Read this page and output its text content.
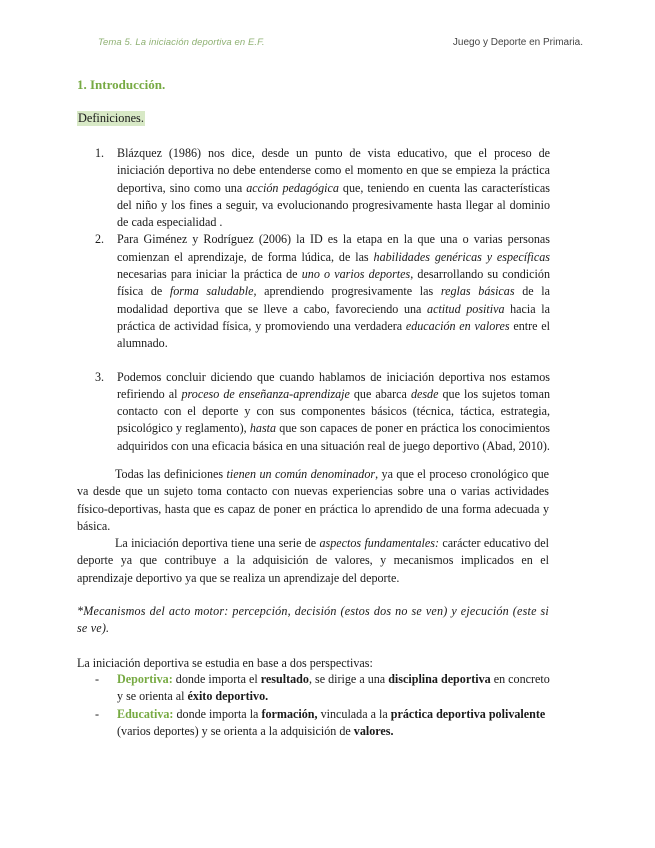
Tema 5. La iniciación deportiva en E.F.	Juego y Deporte en Primaria.
1. Introducción.
Definiciones.
1. Blázquez (1986) nos dice, desde un punto de vista educativo, que el proceso de iniciación deportiva no debe entenderse como el momento en que se empieza la práctica deportiva, sino como una acción pedagógica que, teniendo en cuenta las características del niño y los fines a seguir, va evolucionando progresivamente hasta llegar al dominio de cada especialidad .
2. Para Giménez y Rodríguez (2006) la ID es la etapa en la que una o varias personas comienzan el aprendizaje, de forma lúdica, de las habilidades genéricas y específicas necesarias para iniciar la práctica de uno o varios deportes, desarrollando su condición física de forma saludable, aprendiendo progresivamente las reglas básicas de la modalidad deportiva que se lleve a cabo, favoreciendo una actitud positiva hacia la práctica de actividad física, y promoviendo una verdadera educación en valores entre el alumnado.
3. Podemos concluir diciendo que cuando hablamos de iniciación deportiva nos estamos refiriendo al proceso de enseñanza-aprendizaje que abarca desde que los sujetos toman contacto con el deporte y con sus componentes básicos (técnica, táctica, estrategia, psicológico y reglamento), hasta que son capaces de poner en práctica los conocimientos adquiridos con una eficacia básica en una situación real de juego deportivo (Abad, 2010).

Todas las definiciones tienen un común denominador, ya que el proceso cronológico que va desde que un sujeto toma contacto con nuevas experiencias sobre una o varias actividades físico-deportivas, hasta que es capaz de poner en práctica lo aprendido de una forma adecuada y básica.

La iniciación deportiva tiene una serie de aspectos fundamentales: carácter educativo del deporte ya que contribuye a la adquisición de valores, y mecanismos implicados en el aprendizaje deportivo ya que se realiza un aprendizaje del deporte.

*Mecanismos del acto motor: percepción, decisión (estos dos no se ven) y ejecución (este si se ve).

La iniciación deportiva se estudia en base a dos perspectivas:
- Deportiva: donde importa el resultado, se dirige a una disciplina deportiva en concreto y se orienta al éxito deportivo.
- Educativa: donde importa la formación, vinculada a la práctica deportiva polivalente (varios deportes) y se orienta a la adquisición de valores.
